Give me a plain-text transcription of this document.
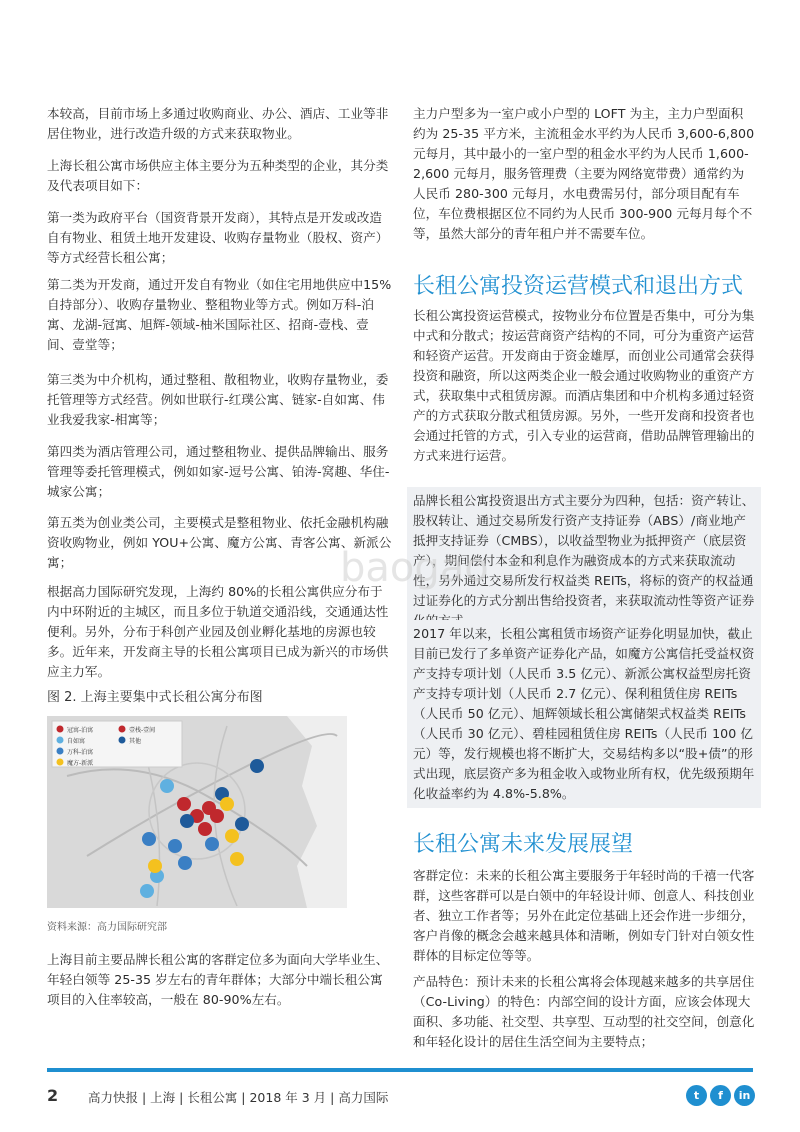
本较高，目前市场上多通过收购商业、办公、酒店、工业等非居住物业，进行改造升级的方式来获取物业。

上海长租公寓市场供应主体主要分为五种类型的企业，其分类及代表项目如下：

第一类为政府平台（国资背景开发商），其特点是开发或改造自有物业、租赁土地开发建设、收购存量物业（股权、资产）等方式经营长租公寓；

第二类为开发商，通过开发自有物业（如住宅用地供应中15%自持部分）、收购存量物业、整租物业等方式。例如万科-泊寓、龙湖-冠寓、旭辉-领域-柚米国际社区、招商-壹栈、壹间、壹堂等；

第三类为中介机构，通过整租、散租物业，收购存量物业，委托管理等方式经营。例如世联行-红璞公寓、链家-自如寓、伟业我爱我家-相寓等；

第四类为酒店管理公司，通过整租物业、提供品牌输出、服务管理等委托管理模式，例如如家-逗号公寓、铂涛-窝趣、华住-城家公寓；

第五类为创业类公司，主要模式是整租物业、依托金融机构融资收购物业，例如 YOU+公寓、魔方公寓、青客公寓、新派公寓；

根据高力国际研究发现，上海约 80%的长租公寓供应分布于内中环附近的主城区，而且多位于轨道交通沿线，交通通达性便利。另外，分布于科创产业园及创业孵化基地的房源也较多。近年来，开发商主导的长租公寓项目已成为新兴的市场供应主力军。

图 2. 上海主要集中式长租公寓分布图

冠寓-泊寓
自如寓
万科-泊寓
魔方-新派
壹栈-壹间
其他

资料来源：高力国际研究部

上海目前主要品牌长租公寓的客群定位多为面向大学毕业生、年轻白领等 25-35 岁左右的青年群体；大部分中端长租公寓项目的入住率较高，一般在 80-90%左右。

主力户型多为一室户或小户型的 LOFT 为主，主力户型面积约为 25-35 平方米，主流租金水平约为人民币 3,600-6,800 元每月，其中最小的一室户型的租金水平约为人民币 1,600-2,600 元每月，服务管理费（主要为网络宽带费）通常约为人民币 280-300 元每月，水电费需另付，部分项目配有车位，车位费根据区位不同约为人民币 300-900 元每月每个不等，虽然大部分的青年租户并不需要车位。

长租公寓投资运营模式和退出方式

长租公寓投资运营模式，按物业分布位置是否集中，可分为集中式和分散式；按运营商资产结构的不同，可分为重资产运营和轻资产运营。开发商由于资金雄厚，而创业公司通常会获得投资和融资，所以这两类企业一般会通过收购物业的重资产方式，获取集中式租赁房源。而酒店集团和中介机构多通过轻资产的方式获取分散式租赁房源。另外，一些开发商和投资者也会通过托管的方式，引入专业的运营商，借助品牌管理输出的方式来进行运营。

品牌长租公寓投资退出方式主要分为四种，包括：资产转让、股权转让、通过交易所发行资产支持证券（ABS）/商业地产抵押支持证券（CMBS），以收益型物业为抵押资产（底层资产），期间偿付本金和利息作为融资成本的方式来获取流动性，另外通过交易所发行权益类 REITs，将标的资产的权益通过证券化的方式分割出售给投资者，来获取流动性等资产证券

2017 年以来，长租公寓租赁市场资产证券化明显加快，截止目前已发行了多单资产证券化产品，如魔方公寓信托受益权资产支持专项计划（人民币 3.5 亿元）、新派公寓权益型房托资产支持专项计划（人民币 2.7 亿元）、保利租赁住房 REITs（人民币 50 亿元）、旭辉领域长租公寓储架式权益类 REITs（人民币 30 亿元）、碧桂园租赁住房 REITs（人民币 100 亿元）等，发行规模也将不断扩大，交易结构多以“股+债”的形式出现，底层资产多为租金收入或物业所有权，优先级预期年化收益率约为 4.8%-5.8%。

长租公寓未来发展展望

客群定位：未来的长租公寓主要服务于年轻时尚的千禧一代客群，这些客群可以是白领中的年轻设计师、创意人、科技创业者、独立工作者等；另外在此定位基础上还会作进一步细分，客户肖像的概念会越来越具体和清晰，例如专门针对白领女性群体的目标定位等等。

产品特色：预计未来的长租公寓将会体现越来越多的共享居住（Co-Living）的特色：内部空间的设计方面，应该会体现大面积、多功能、社交型、共享型、互动型的社交空间，创意化和年轻化设计的居住生活空间为主要特点；

baogao
2 高力快报 | 上海 | 长租公寓 | 2018 年 3 月 | 高力国际	t	f	in
